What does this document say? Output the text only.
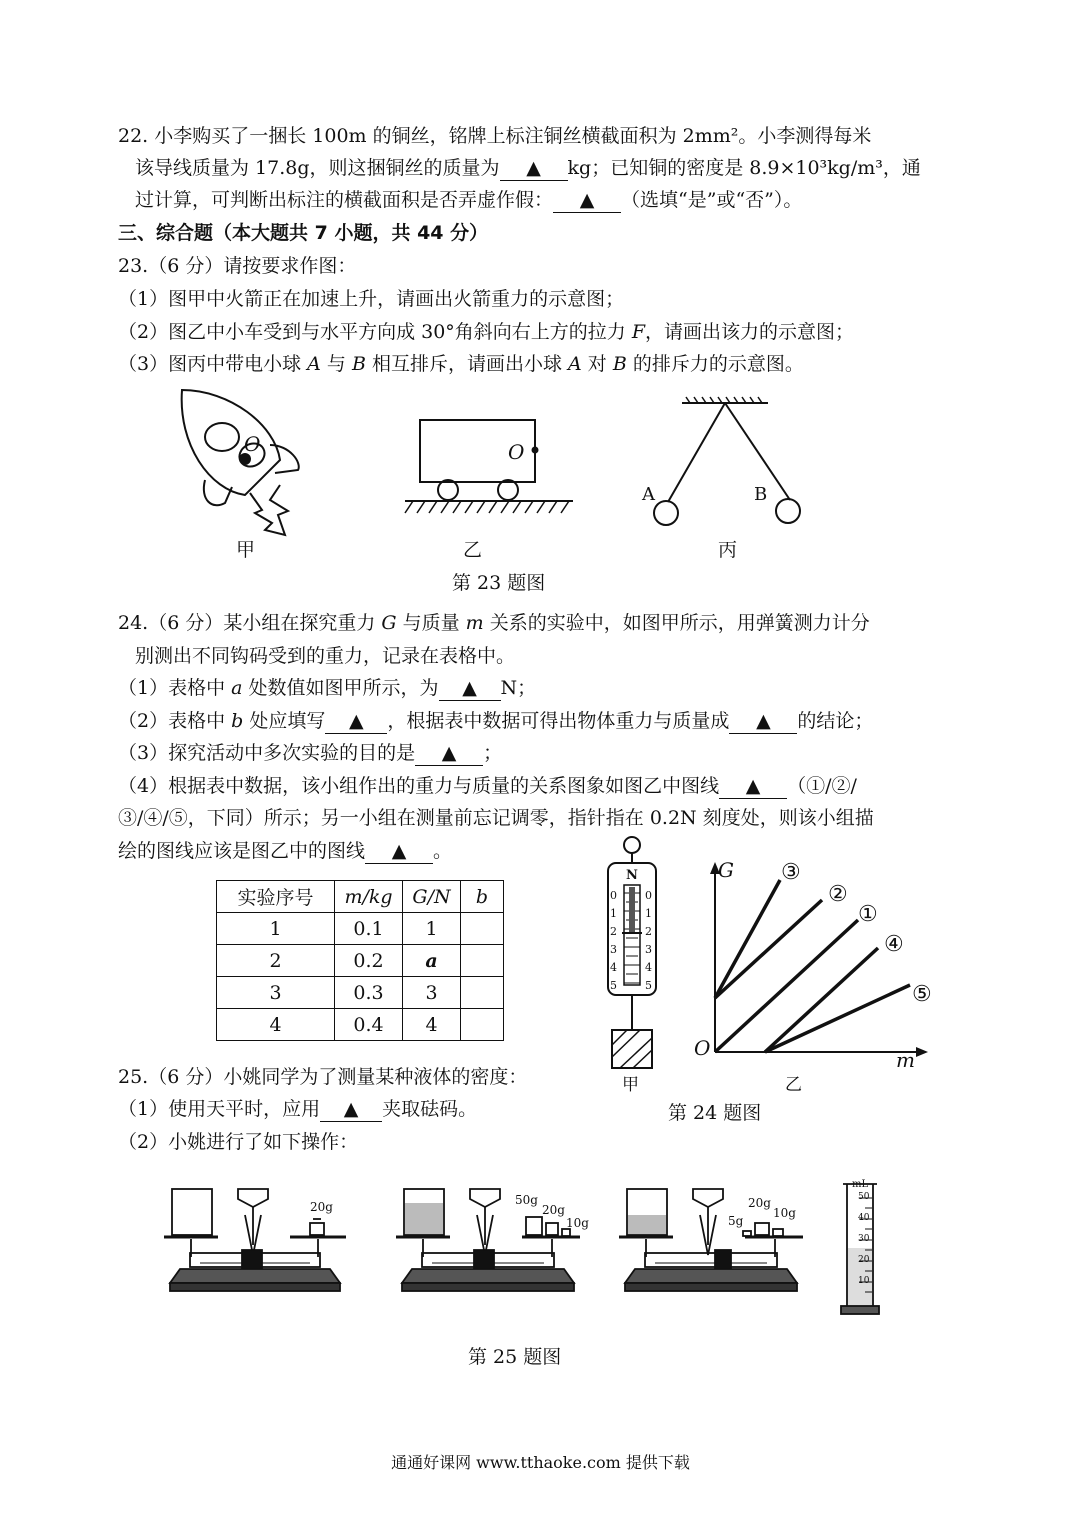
22. 小李购买了一捆长 100m 的铜丝，铭牌上标注铜丝横截面积为 2mm²。小李测得每米
该导线质量为 17.8g，则这捆铜丝的质量为 ▲ kg；已知铜的密度是 8.9×10³kg/m³，通
过计算，可判断出标注的横截面积是否弄虚作假： ▲ （选填“是”或“否”）。
三、综合题（本大题共 7 小题，共 44 分）
23.（6 分）请按要求作图：
（1）图甲中火箭正在加速上升，请画出火箭重力的示意图；
（2）图乙中小车受到与水平方向成 30°角斜向右上方的拉力 F，请画出该力的示意图；
（3）图丙中带电小球 A 与 B 相互排斥，请画出小球 A 对 B 的排斥力的示意图。
O	O
A	B
甲	乙	丙
第 23 题图
24.（6 分）某小组在探究重力 G 与质量 m 关系的实验中，如图甲所示，用弹簧测力计分
别测出不同钩码受到的重力，记录在表格中。
（1）表格中 a 处数值如图甲所示，为 ▲ N；
（2）表格中 b 处应填写 ▲ ，根据表中数据可得出物体重力与质量成 ▲ 的结论；
（3）探究活动中多次实验的目的是 ▲ ；
（4）根据表中数据，该小组作出的重力与质量的关系图象如图乙中图线 ▲ （①/②/
③/④/⑤，下同）所示；另一小组在测量前忘记调零，指针指在 0.2N 刻度处，则该小组描
绘的图线应该是图乙中的图线 ▲ 。
实验序号	m/kg	G/N	b
1	0.1	1	
2	0.2	a	
3	0.3	3	
4	0.4	4	
N
0
1
2
3
4
5
0
1
2
3
4
5
G
m
O
③
②
①
④
⑤
甲	乙
第 24 题图
25.（6 分）小姚同学为了测量某种液体的密度：
（1）使用天平时，应用 ▲ 夹取砝码。
（2）小姚进行了如下操作：
20g	50g
20g
10g
20g
10g
5g
mL
50
40
30
20
10
第 25 题图
通通好课网 www.tthaoke.com 提供下载
